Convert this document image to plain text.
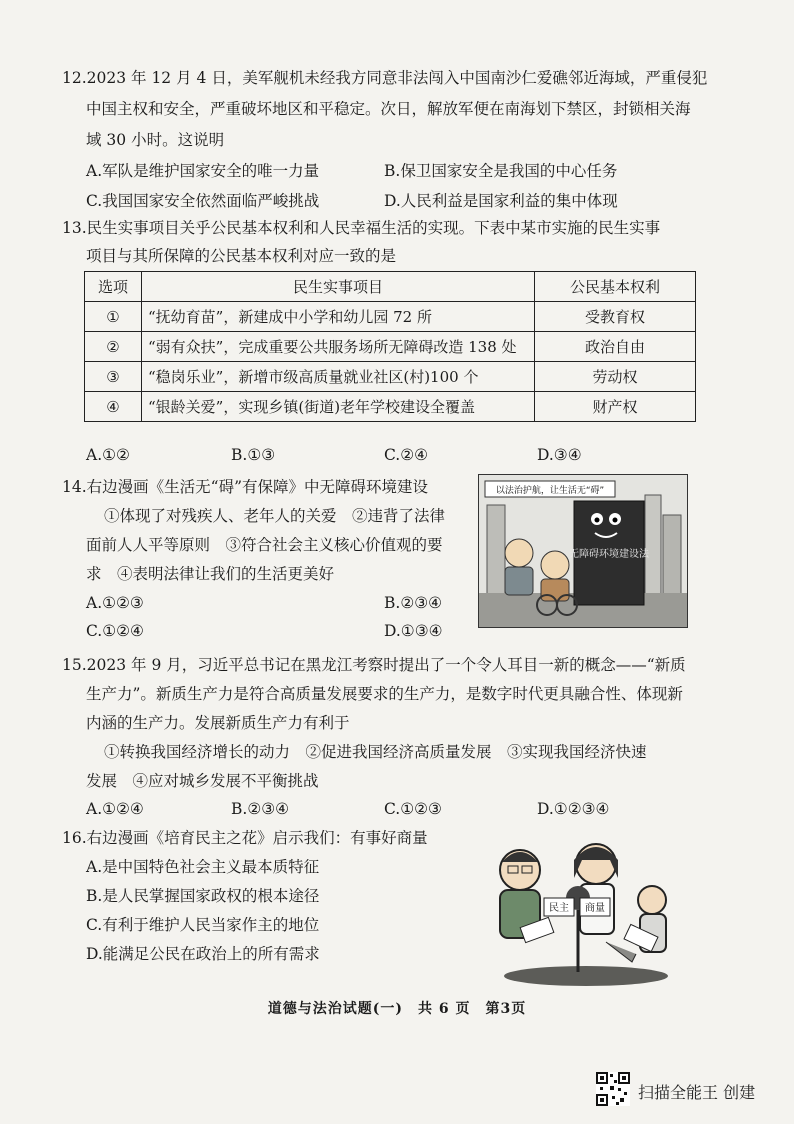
12.2023 年 12 月 4 日，美军舰机未经我方同意非法闯入中国南沙仁爱礁邻近海域，严重侵犯
中国主权和安全，严重破坏地区和平稳定。次日，解放军便在南海划下禁区，封锁相关海
域 30 小时。这说明
A.军队是维护国家安全的唯一力量	B.保卫国家安全是我国的中心任务
C.我国国家安全依然面临严峻挑战	D.人民利益是国家利益的集中体现
13.民生实事项目关乎公民基本权利和人民幸福生活的实现。下表中某市实施的民生实事
项目与其所保障的公民基本权利对应一致的是
选项	民生实事项目	公民基本权利
①	“抚幼育苗”，新建成中小学和幼儿园 72 所	受教育权
②	“弱有众扶”，完成重要公共服务场所无障碍改造 138 处	政治自由
③	“稳岗乐业”，新增市级高质量就业社区(村)100 个	劳动权
④	“银龄关爱”，实现乡镇(街道)老年学校建设全覆盖	财产权
A.①②	B.①③	C.②④	D.③④
14.右边漫画《生活无“碍”有保障》中无障碍环境建设
①体现了对残疾人、老年人的关爱　②违背了法律
面前人人平等原则　③符合社会主义核心价值观的要
求　④表明法律让我们的生活更美好
A.①②③	B.②③④
C.①②④	D.①③④
以法治护航，让生活无“碍”
无障碍环境建设法
15.2023 年 9 月，习近平总书记在黑龙江考察时提出了一个令人耳目一新的概念——“新质
生产力”。新质生产力是符合高质量发展要求的生产力，是数字时代更具融合性、体现新
内涵的生产力。发展新质生产力有利于
①转换我国经济增长的动力　②促进我国经济高质量发展　③实现我国经济快速
发展　④应对城乡发展不平衡挑战
A.①②④	B.②③④	C.①②③	D.①②③④
16.右边漫画《培育民主之花》启示我们：有事好商量
A.是中国特色社会主义最本质特征
B.是人民掌握国家政权的根本途径
C.有利于维护人民当家作主的地位
D.能满足公民在政治上的所有需求
民主 商量
道德与法治试题(一)　共 6 页　第3页
扫描全能王 创建
